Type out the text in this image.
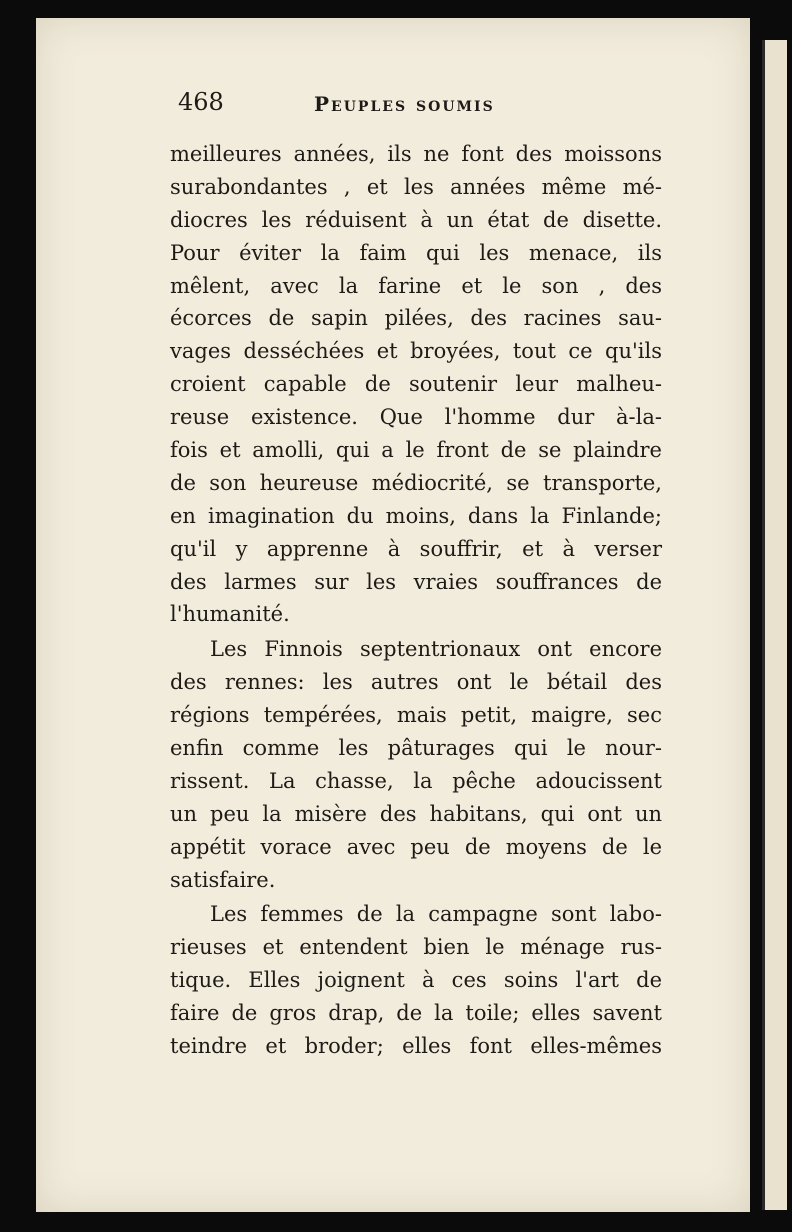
468	Peuples soumis
meilleures années, ils ne font des moissons
surabondantes , et les années même mé-
diocres les réduisent à un état de disette.
Pour éviter la faim qui les menace, ils
mêlent, avec la farine et le son , des
écorces de sapin pilées, des racines sau-
vages desséchées et broyées, tout ce qu'ils
croient capable de soutenir leur malheu-
reuse existence. Que l'homme dur à-la-
fois et amolli, qui a le front de se plaindre
de son heureuse médiocrité, se transporte,
en imagination du moins, dans la Finlande;
qu'il y apprenne à souffrir, et à verser
des larmes sur les vraies souffrances de
l'humanité.
Les Finnois septentrionaux ont encore
des rennes: les autres ont le bétail des
régions tempérées, mais petit, maigre, sec
enfin comme les pâturages qui le nour-
rissent. La chasse, la pêche adoucissent
un peu la misère des habitans, qui ont un
appétit vorace avec peu de moyens de le
satisfaire.
Les femmes de la campagne sont labo-
rieuses et entendent bien le ménage rus-
tique. Elles joignent à ces soins l'art de
faire de gros drap, de la toile; elles savent
teindre et broder; elles font elles-mêmes
